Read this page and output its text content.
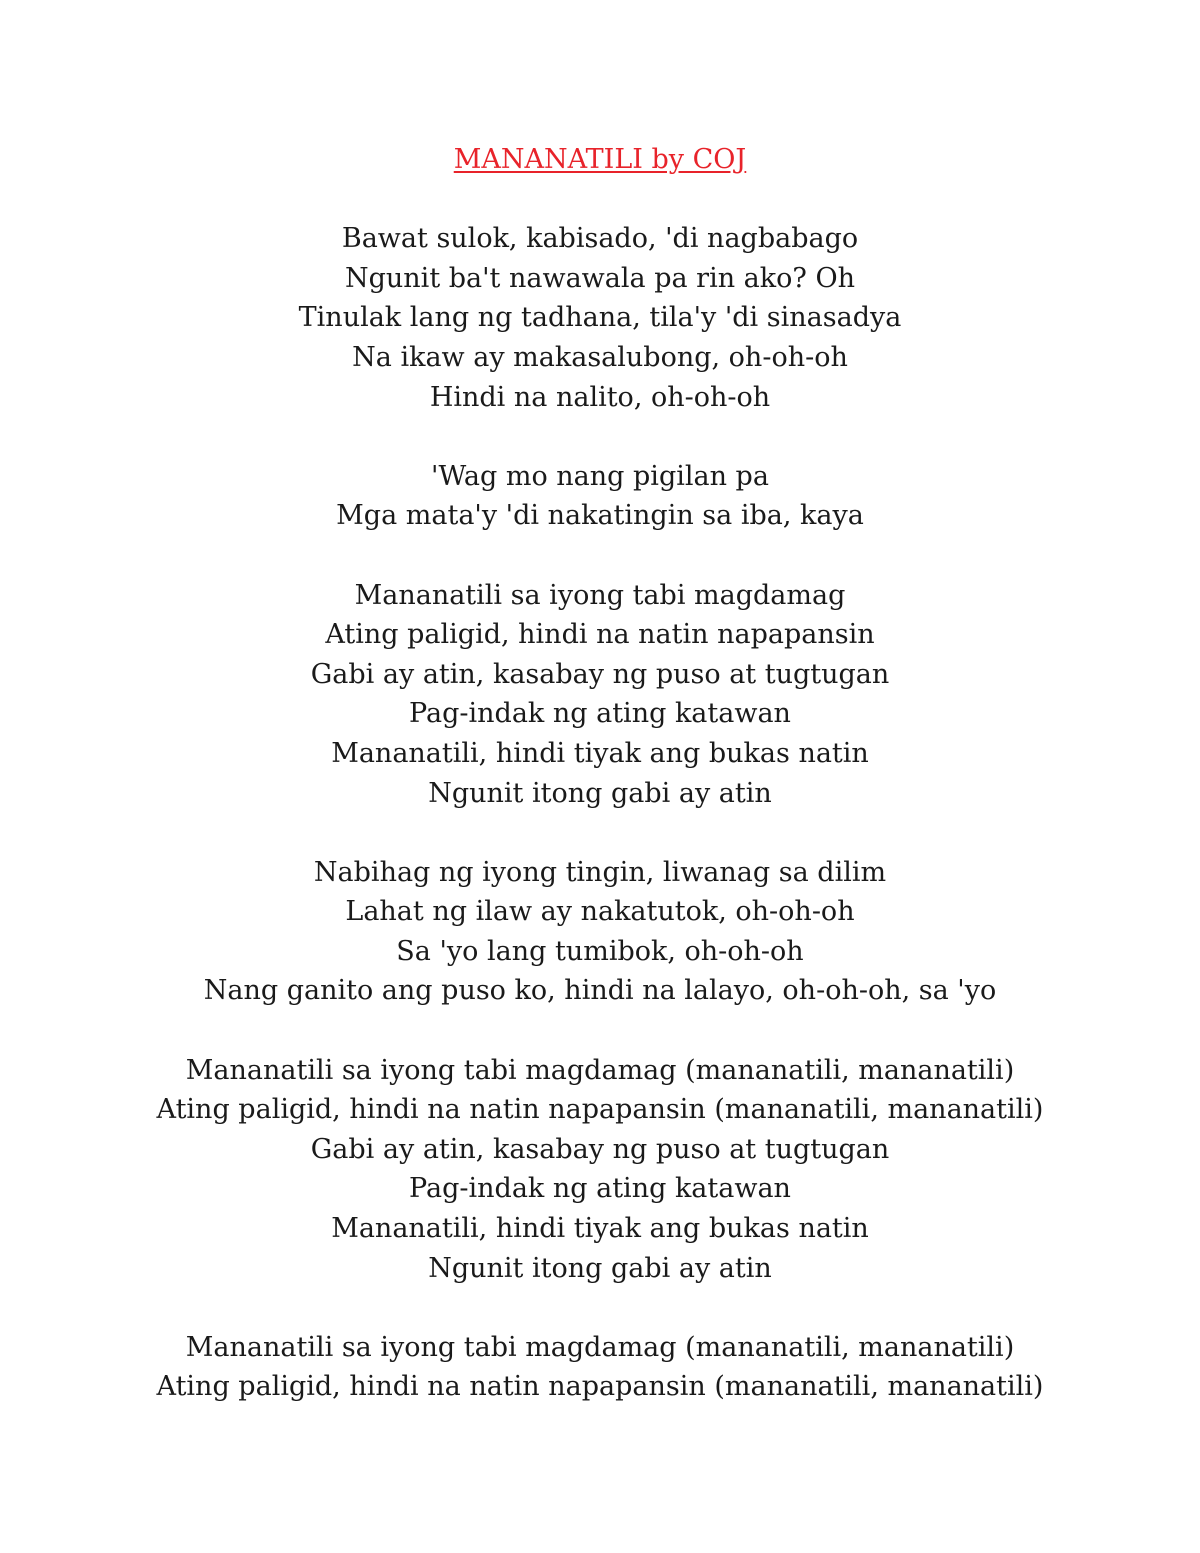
MANANATILI by COJ
Bawat sulok, kabisado, 'di nagbabago
Ngunit ba't nawawala pa rin ako? Oh
Tinulak lang ng tadhana, tila'y 'di sinasadya
Na ikaw ay makasalubong, oh-oh-oh
Hindi na nalito, oh-oh-oh
'Wag mo nang pigilan pa
Mga mata'y 'di nakatingin sa iba, kaya
Mananatili sa iyong tabi magdamag
Ating paligid, hindi na natin napapansin
Gabi ay atin, kasabay ng puso at tugtugan
Pag-indak ng ating katawan
Mananatili, hindi tiyak ang bukas natin
Ngunit itong gabi ay atin
Nabihag ng iyong tingin, liwanag sa dilim
Lahat ng ilaw ay nakatutok, oh-oh-oh
Sa 'yo lang tumibok, oh-oh-oh
Nang ganito ang puso ko, hindi na lalayo, oh-oh-oh, sa 'yo
Mananatili sa iyong tabi magdamag (mananatili, mananatili)
Ating paligid, hindi na natin napapansin (mananatili, mananatili)
Gabi ay atin, kasabay ng puso at tugtugan
Pag-indak ng ating katawan
Mananatili, hindi tiyak ang bukas natin
Ngunit itong gabi ay atin
Mananatili sa iyong tabi magdamag (mananatili, mananatili)
Ating paligid, hindi na natin napapansin (mananatili, mananatili)
